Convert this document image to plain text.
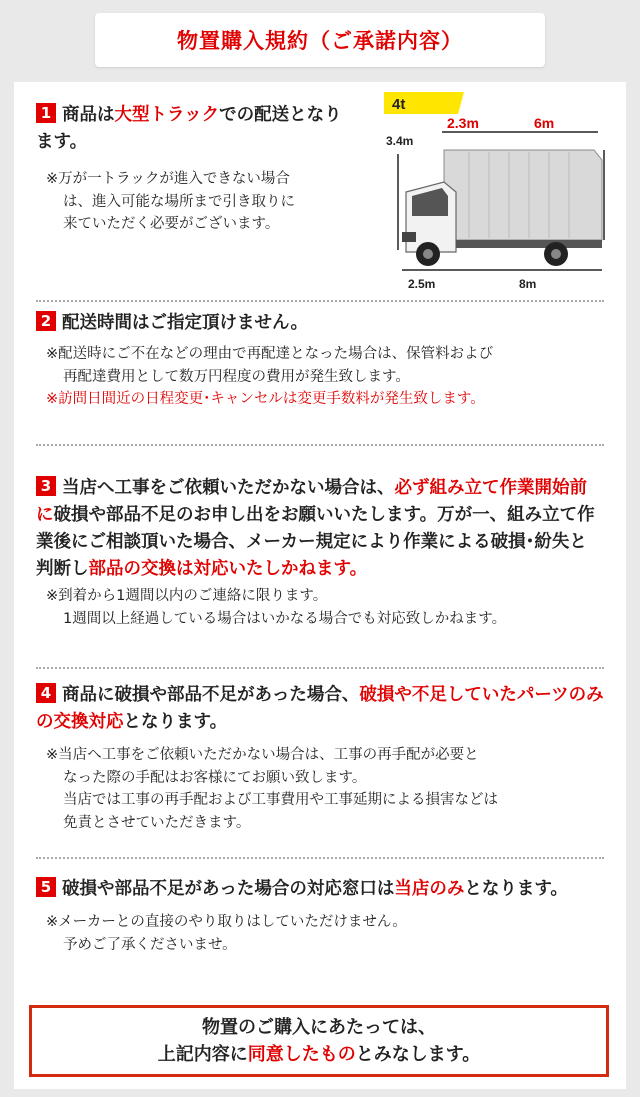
物置購入規約（ご承諾内容）

1 商品は大型トラックでの配送となります。

※万が一トラックが進入できない場合
は、進入可能な場所まで引き取りに
来ていただく必要がございます。

4t
2.3m	6m
3.4m
2.5m	8m

2 配送時間はご指定頂けません。

※配送時にご不在などの理由で再配達となった場合は、保管料および
再配達費用として数万円程度の費用が発生致します。

※訪問日間近の日程変更･キャンセルは変更手数料が発生致します。

3 当店へ工事をご依頼いただかない場合は、必ず組み立て作業開始前に破損や部品不足のお申し出をお願いいたします。万が一、組み立て作業後にご相談頂いた場合、メーカー規定により作業による破損･紛失と判断し部品の交換は対応いたしかねます。

※到着から1週間以内のご連絡に限ります。
1週間以上経過している場合はいかなる場合でも対応致しかねます。

4 商品に破損や部品不足があった場合、破損や不足していたパーツのみの交換対応となります。

※当店へ工事をご依頼いただかない場合は、工事の再手配が必要と
なった際の手配はお客様にてお願い致します。
当店では工事の再手配および工事費用や工事延期による損害などは
免責とさせていただきます。

5 破損や部品不足があった場合の対応窓口は当店のみとなります。

※メーカーとの直接のやり取りはしていただけません。
予めご了承くださいませ。

物置のご購入にあたっては、

上記内容に同意したものとみなします。
